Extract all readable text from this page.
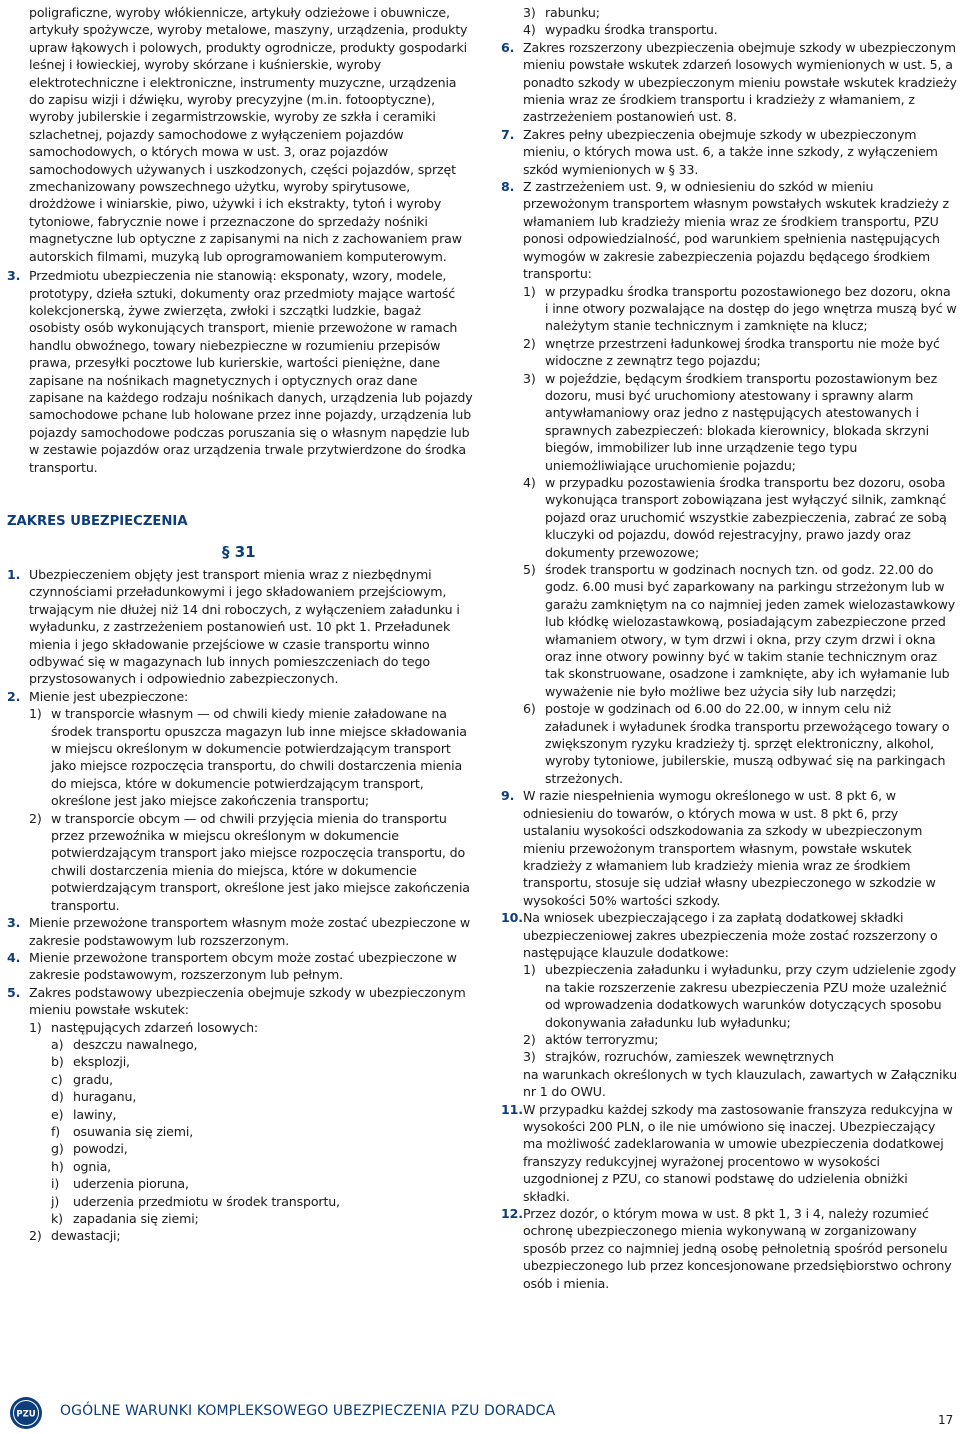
poligraficzne, wyroby włókiennicze, artykuły odzieżowe i obuwnicze, artykuły spożywcze, wyroby metalowe, maszyny, urządzenia, produkty upraw łąkowych i polowych, produkty ogrodnicze, produkty gospodarki leśnej i łowieckiej, wyroby skórzane i kuśnierskie, wyroby elektrotechniczne i elektroniczne, instrumenty muzyczne, urządzenia do zapisu wizji i dźwięku, wyroby precyzyjne (m.in. fotooptyczne), wyroby jubilerskie i zegarmistrzowskie, wyroby ze szkła i ceramiki szlachetnej, pojazdy samochodowe z wyłączeniem pojazdów samochodowych, o których mowa w ust. 3, oraz pojazdów samochodowych używanych i uszkodzonych, części pojazdów, sprzęt zmechanizowany powszechnego użytku, wyroby spirytusowe, drożdżowe i winiarskie, piwo, używki i ich ekstrakty, tytoń i wyroby tytoniowe, fabrycznie nowe i przeznaczone do sprzedaży nośniki magnetyczne lub optyczne z zapisanymi na nich z zachowaniem praw autorskich filmami, muzyką lub oprogramowaniem komputerowym.

3. Przedmiotu ubezpieczenia nie stanowią: eksponaty, wzory, modele, prototypy, dzieła sztuki, dokumenty oraz przedmioty mające wartość kolekcjonerską, żywe zwierzęta, zwłoki i szczątki ludzkie, bagaż osobisty osób wykonujących transport, mienie przewożone w ramach handlu obwoźnego, towary niebezpieczne w rozumieniu przepisów prawa, przesyłki pocztowe lub kurierskie, wartości pieniężne, dane zapisane na nośnikach magnetycznych i optycznych oraz dane zapisane na każdego rodzaju nośnikach danych, urządzenia lub pojazdy samochodowe pchane lub holowane przez inne pojazdy, urządzenia lub pojazdy samochodowe podczas poruszania się o własnym napędzie lub w zestawie pojazdów oraz urządzenia trwale przytwierdzone do środka transportu.

ZAKRES UBEZPIECZENIA

§ 31

1. Ubezpieczeniem objęty jest transport mienia wraz z niezbędnymi czynnościami przeładunkowymi i jego składowaniem przejściowym, trwającym nie dłużej niż 14 dni roboczych, z wyłączeniem załadunku i wyładunku, z zastrzeżeniem postanowień ust. 10 pkt 1. Przeładunek mienia i jego składowanie przejściowe w czasie transportu winno odbywać się w magazynach lub innych pomieszczeniach do tego przystosowanych i odpowiednio zabezpieczonych.
2. Mienie jest ubezpieczone:
1) w transporcie własnym — od chwili kiedy mienie załadowane na środek transportu opuszcza magazyn lub inne miejsce składowania w miejscu określonym w dokumencie potwierdzającym transport jako miejsce rozpoczęcia transportu, do chwili dostarczenia mienia do miejsca, które w dokumencie potwierdzającym transport, określone jest jako miejsce zakończenia transportu;
2) w transporcie obcym — od chwili przyjęcia mienia do transportu przez przewoźnika w miejscu określonym w dokumencie potwierdzającym transport jako miejsce rozpoczęcia transportu, do chwili dostarczenia mienia do miejsca, które w dokumencie potwierdzającym transport, określone jest jako miejsce zakończenia transportu.
3. Mienie przewożone transportem własnym może zostać ubezpieczone w zakresie podstawowym lub rozszerzonym.
4. Mienie przewożone transportem obcym może zostać ubezpieczone w zakresie podstawowym, rozszerzonym lub pełnym.
5. Zakres podstawowy ubezpieczenia obejmuje szkody w ubezpieczonym mieniu powstałe wskutek:
1) następujących zdarzeń losowych:
a) deszczu nawalnego,
b) eksplozji,
c) gradu,
d) huraganu,
e) lawiny,
f) osuwania się ziemi,
g) powodzi,
h) ognia,
i) uderzenia pioruna,
j) uderzenia przedmiotu w środek transportu,
k) zapadania się ziemi;
2) dewastacji;
3) rabunku;
4) wypadku środka transportu.
6. Zakres rozszerzony ubezpieczenia obejmuje szkody w ubezpieczonym mieniu powstałe wskutek zdarzeń losowych wymienionych w ust. 5, a ponadto szkody w ubezpieczonym mieniu powstałe wskutek kradzieży mienia wraz ze środkiem transportu i kradzieży z włamaniem, z zastrzeżeniem postanowień ust. 8.
7. Zakres pełny ubezpieczenia obejmuje szkody w ubezpieczonym mieniu, o których mowa ust. 6, a także inne szkody, z wyłączeniem szkód wymienionych w § 33.
8. Z zastrzeżeniem ust. 9, w odniesieniu do szkód w mieniu przewożonym transportem własnym powstałych wskutek kradzieży z włamaniem lub kradzieży mienia wraz ze środkiem transportu, PZU ponosi odpowiedzialność, pod warunkiem spełnienia następujących wymogów w zakresie zabezpieczenia pojazdu będącego środkiem transportu:
1) w przypadku środka transportu pozostawionego bez dozoru, okna i inne otwory pozwalające na dostęp do jego wnętrza muszą być w należytym stanie technicznym i zamknięte na klucz;
2) wnętrze przestrzeni ładunkowej środka transportu nie może być widoczne z zewnątrz tego pojazdu;
3) w pojeździe, będącym środkiem transportu pozostawionym bez dozoru, musi być uruchomiony atestowany i sprawny alarm antywłamaniowy oraz jedno z następujących atestowanych i sprawnych zabezpieczeń: blokada kierownicy, blokada skrzyni biegów, immobilizer lub inne urządzenie tego typu uniemożliwiające uruchomienie pojazdu;
4) w przypadku pozostawienia środka transportu bez dozoru, osoba wykonująca transport zobowiązana jest wyłączyć silnik, zamknąć pojazd oraz uruchomić wszystkie zabezpieczenia, zabrać ze sobą kluczyki od pojazdu, dowód rejestracyjny, prawo jazdy oraz dokumenty przewozowe;
5) środek transportu w godzinach nocnych tzn. od godz. 22.00 do godz. 6.00 musi być zaparkowany na parkingu strzeżonym lub w garażu zamkniętym na co najmniej jeden zamek wielozastawkowy lub kłódkę wielozastawkową, posiadającym zabezpieczone przed włamaniem otwory, w tym drzwi i okna, przy czym drzwi i okna oraz inne otwory powinny być w takim stanie technicznym oraz tak skonstruowane, osadzone i zamknięte, aby ich wyłamanie lub wyważenie nie było możliwe bez użycia siły lub narzędzi;
6) postoje w godzinach od 6.00 do 22.00, w innym celu niż załadunek i wyładunek środka transportu przewożącego towary o zwiększonym ryzyku kradzieży tj. sprzęt elektroniczny, alkohol, wyroby tytoniowe, jubilerskie, muszą odbywać się na parkingach strzeżonych.
9. W razie niespełnienia wymogu określonego w ust. 8 pkt 6, w odniesieniu do towarów, o których mowa w ust. 8 pkt 6, przy ustalaniu wysokości odszkodowania za szkody w ubezpieczonym mieniu przewożonym transportem własnym, powstałe wskutek kradzieży z włamaniem lub kradzieży mienia wraz ze środkiem transportu, stosuje się udział własny ubezpieczonego w szkodzie w wysokości 50% wartości szkody.
10. Na wniosek ubezpieczającego i za zapłatą dodatkowej składki ubezpieczeniowej zakres ubezpieczenia może zostać rozszerzony o następujące klauzule dodatkowe:
1) ubezpieczenia załadunku i wyładunku, przy czym udzielenie zgody na takie rozszerzenie zakresu ubezpieczenia PZU może uzależnić od wprowadzenia dodatkowych warunków dotyczących sposobu dokonywania załadunku lub wyładunku;
2) aktów terroryzmu;
3) strajków, rozruchów, zamieszek wewnętrznych

na warunkach określonych w tych klauzulach, zawartych w Załączniku nr 1 do OWU.

11. W przypadku każdej szkody ma zastosowanie franszyza redukcyjna w wysokości 200 PLN, o ile nie umówiono się inaczej. Ubezpieczający ma możliwość zadeklarowania w umowie ubezpieczenia dodatkowej franszyzy redukcyjnej wyrażonej procentowo w wysokości uzgodnionej z PZU, co stanowi podstawę do udzielenia obniżki składki.
12. Przez dozór, o którym mowa w ust. 8 pkt 1, 3 i 4, należy rozumieć ochronę ubezpieczonego mienia wykonywaną w zorganizowany sposób przez co najmniej jedną osobę pełnoletnią spośród personelu ubezpieczonego lub przez koncesjonowane przedsiębiorstwo ochrony osób i mienia.
PZU OGÓLNE WARUNKI KOMPLEKSOWEGO UBEZPIECZENIA PZU DORADCA
17
